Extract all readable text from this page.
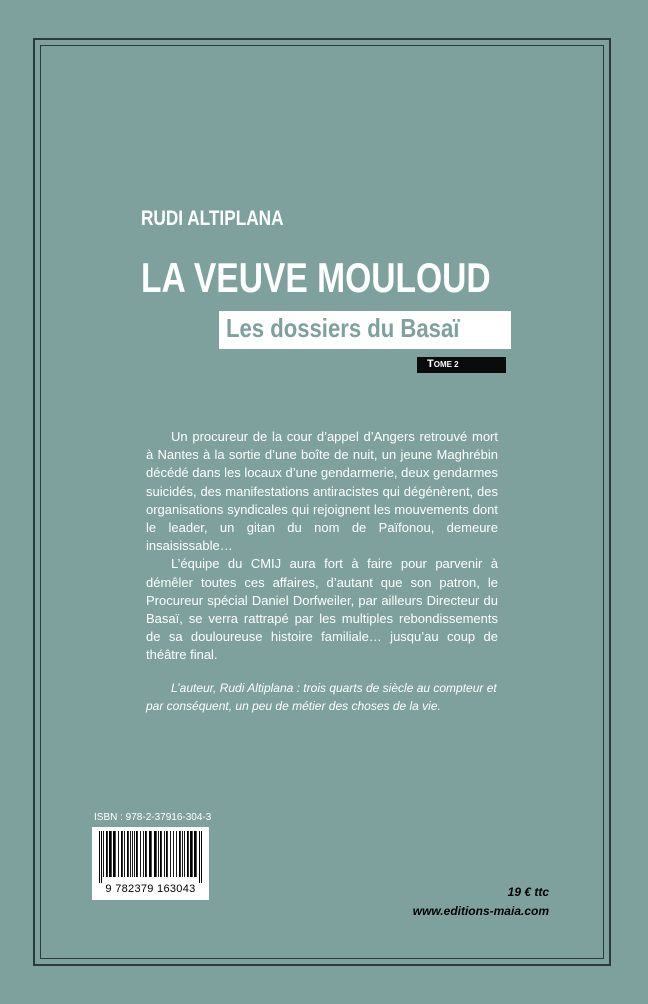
RUDI ALTIPLANA
LA VEUVE MOULOUD
Les dossiers du Basaï
TOME 2

Un procureur de la cour d’appel d’Angers retrouvé mort à Nantes à la sortie d’une boîte de nuit, un jeune Maghrébin décédé dans les locaux d’une gendarmerie, deux gendarmes suicidés, des manifestations antiracistes qui dégénèrent, des organisations syndicales qui rejoignent les mouvements dont le leader, un gitan du nom de Païfonou, demeure insaisissable…

L’équipe du CMIJ aura fort à faire pour parvenir à démêler toutes ces affaires, d’autant que son patron, le Procureur spécial Daniel Dorfweiler, par ailleurs Directeur du Basaï, se verra rattrapé par les multiples rebondissements de sa douloureuse histoire familiale… jusqu’au coup de théâtre final.

L’auteur, Rudi Altiplana : trois quarts de siècle au compteur et par conséquent, un peu de métier des choses de la vie.
ISBN : 978-2-37916-304-3
9 782379 163043	19 € ttc
www.editions-maia.com
